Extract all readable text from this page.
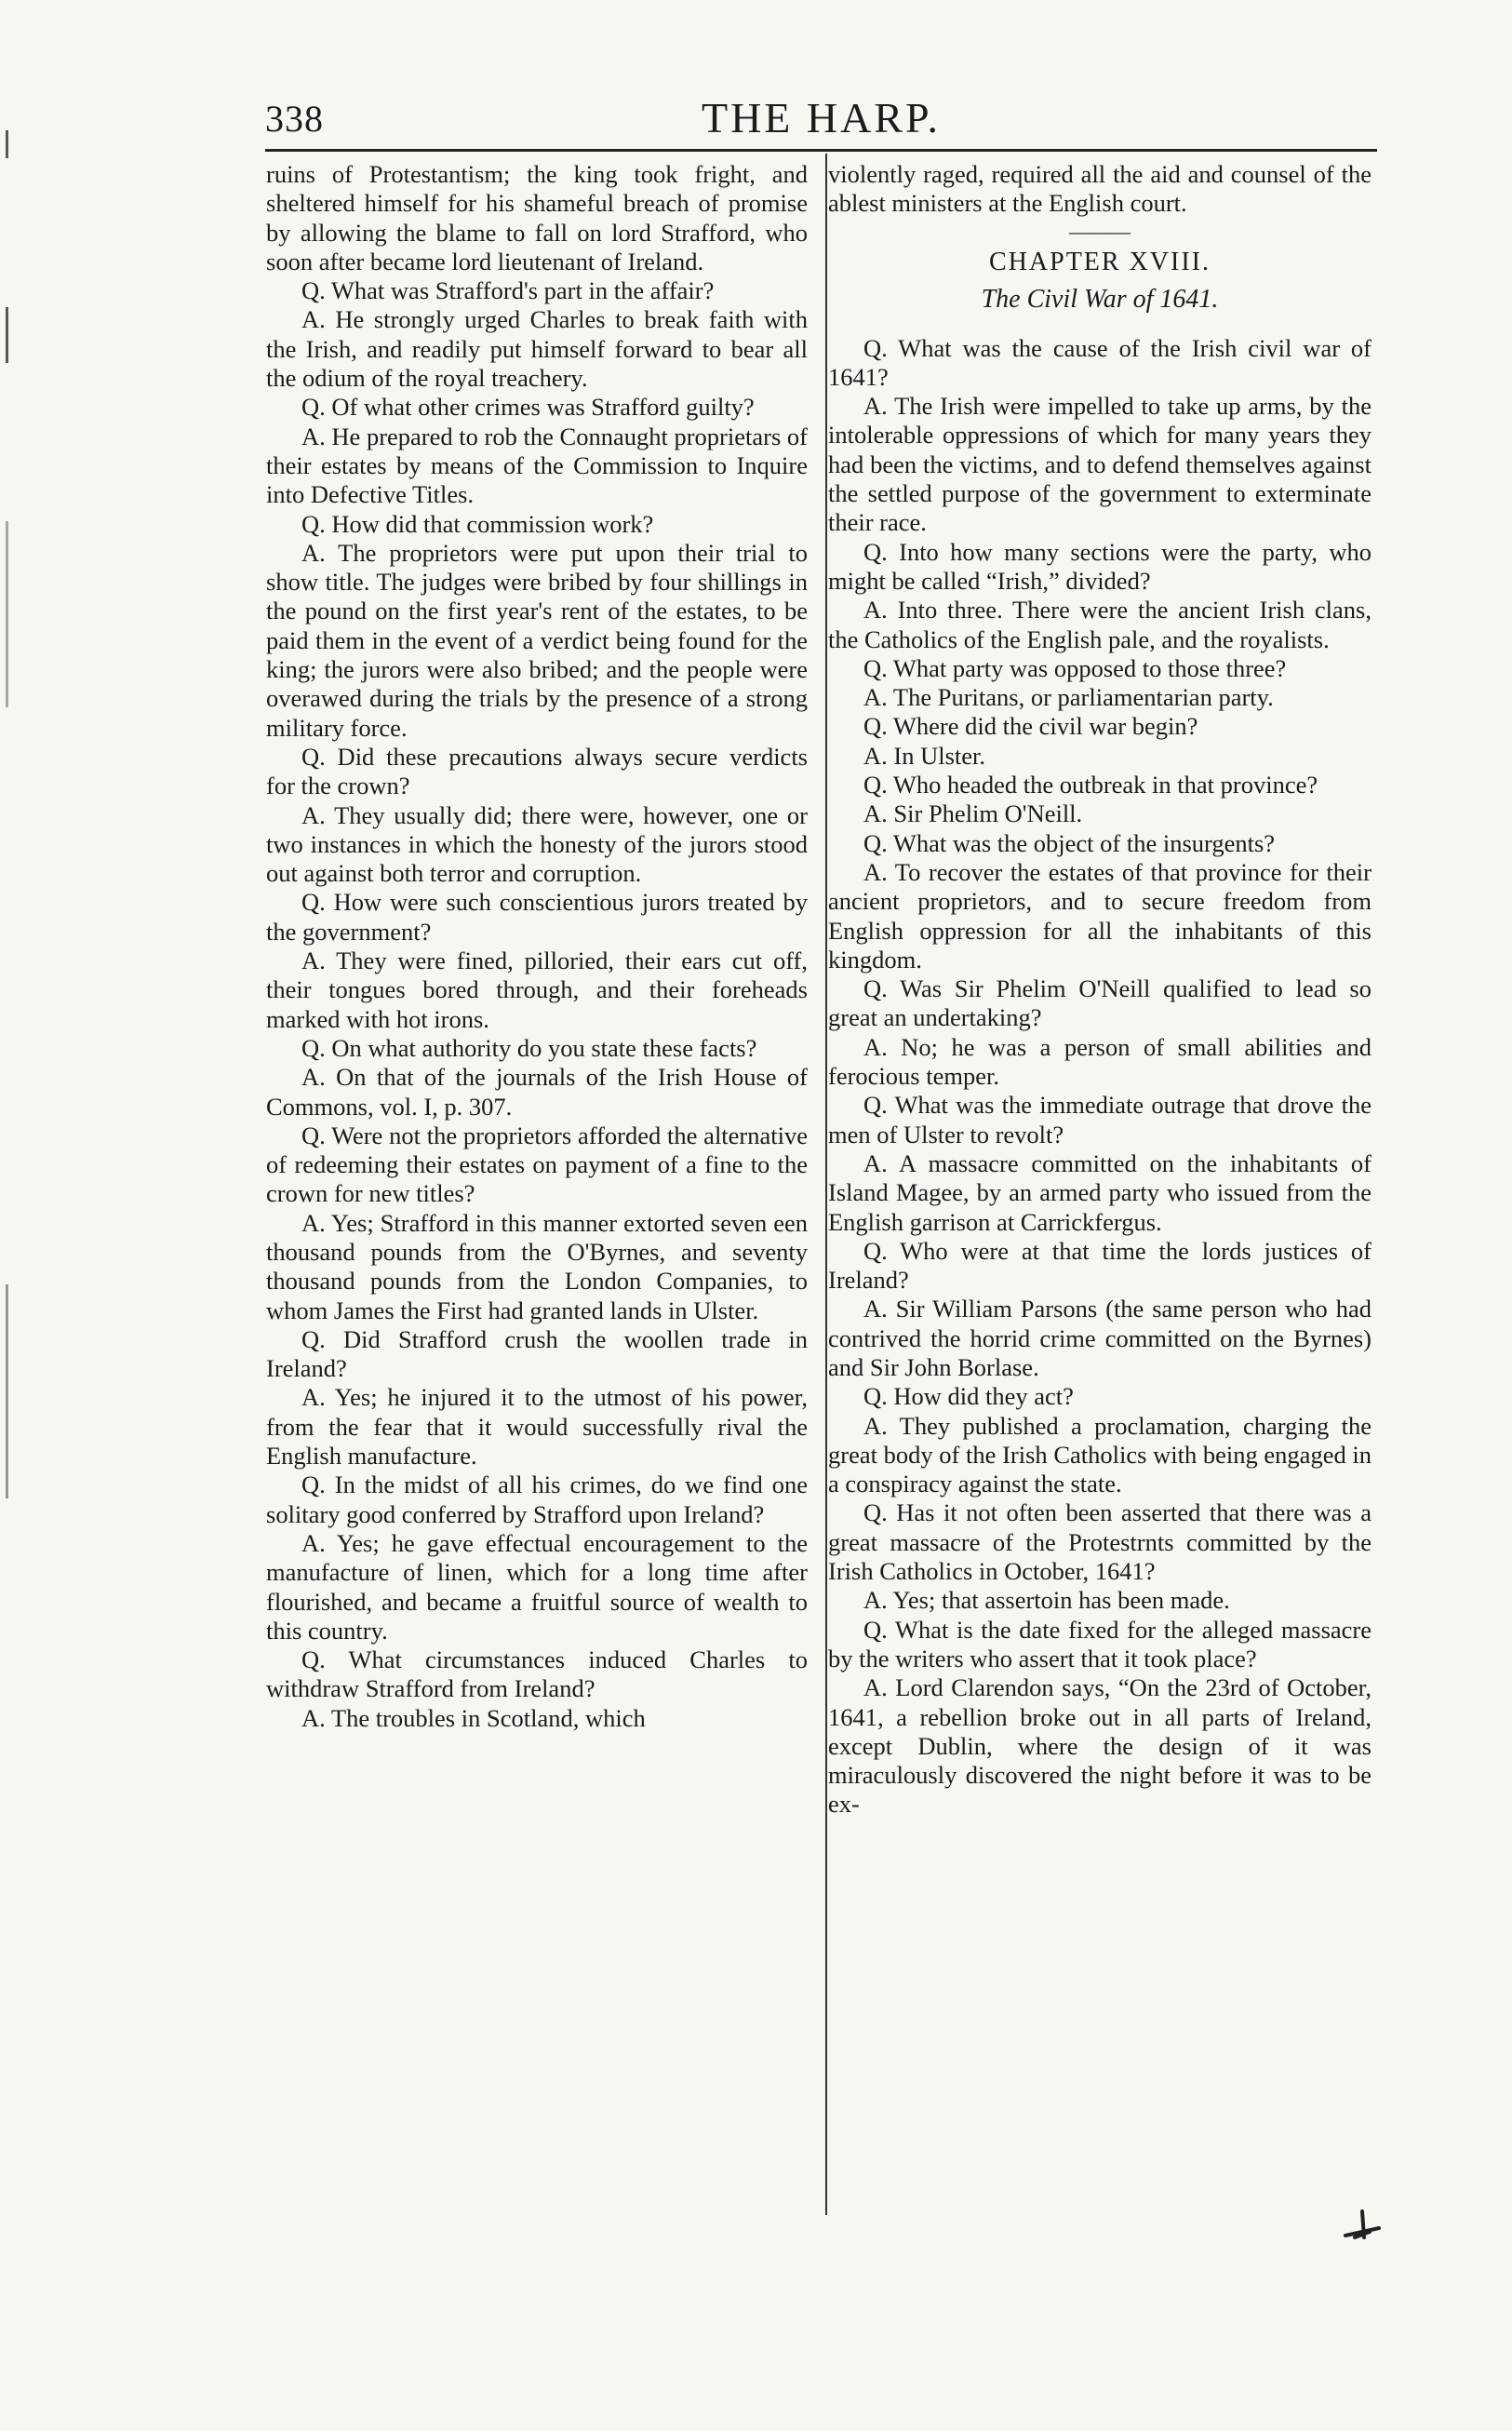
338	THE HARP.

ruins of Protestantism; the king took fright, and sheltered himself for his shameful breach of promise by allowing the blame to fall on lord Strafford, who soon after became lord lieutenant of Ireland.

Q. What was Strafford's part in the affair?

A. He strongly urged Charles to break faith with the Irish, and readily put himself forward to bear all the odium of the royal treachery.

Q. Of what other crimes was Strafford guilty?

A. He prepared to rob the Connaught proprietars of their estates by means of the Commission to Inquire into Defective Titles.

Q. How did that commission work?

A. The proprietors were put upon their trial to show title. The judges were bribed by four shillings in the pound on the first year's rent of the estates, to be paid them in the event of a verdict being found for the king; the jurors were also bribed; and the people were overawed during the trials by the presence of a strong military force.

Q. Did these precautions always secure verdicts for the crown?

A. They usually did; there were, however, one or two instances in which the honesty of the jurors stood out against both terror and corruption.

Q. How were such conscientious jurors treated by the government?

A. They were fined, pilloried, their ears cut off, their tongues bored through, and their foreheads marked with hot irons.

Q. On what authority do you state these facts?

A. On that of the journals of the Irish House of Commons, vol. I, p. 307.

Q. Were not the proprietors afforded the alternative of redeeming their estates on payment of a fine to the crown for new titles?

A. Yes; Strafford in this manner extorted seven een thousand pounds from the O'Byrnes, and seventy thousand pounds from the London Companies, to whom James the First had granted lands in Ulster.

Q. Did Strafford crush the woollen trade in Ireland?

A. Yes; he injured it to the utmost of his power, from the fear that it would successfully rival the English manufacture.

Q. In the midst of all his crimes, do we find one solitary good conferred by Strafford upon Ireland?

A. Yes; he gave effectual encouragement to the manufacture of linen, which for a long time after flourished, and became a fruitful source of wealth to this country.

Q. What circumstances induced Charles to withdraw Strafford from Ireland?

A. The troubles in Scotland, which

violently raged, required all the aid and counsel of the ablest ministers at the English court.

———
CHAPTER XVIII.
The Civil War of 1641.

Q. What was the cause of the Irish civil war of 1641?

A. The Irish were impelled to take up arms, by the intolerable oppressions of which for many years they had been the victims, and to defend themselves against the settled purpose of the government to exterminate their race.

Q. Into how many sections were the party, who might be called “Irish,” divided?

A. Into three. There were the ancient Irish clans, the Catholics of the English pale, and the royalists.

Q. What party was opposed to those three?

A. The Puritans, or parliamentarian party.

Q. Where did the civil war begin?

A. In Ulster.

Q. Who headed the outbreak in that province?

A. Sir Phelim O'Neill.

Q. What was the object of the insurgents?

A. To recover the estates of that province for their ancient proprietors, and to secure freedom from English oppression for all the inhabitants of this kingdom.

Q. Was Sir Phelim O'Neill qualified to lead so great an undertaking?

A. No; he was a person of small abilities and ferocious temper.

Q. What was the immediate outrage that drove the men of Ulster to revolt?

A. A massacre committed on the inhabitants of Island Magee, by an armed party who issued from the English garrison at Carrickfergus.

Q. Who were at that time the lords justices of Ireland?

A. Sir William Parsons (the same person who had contrived the horrid crime committed on the Byrnes) and Sir John Borlase.

Q. How did they act?

A. They published a proclamation, charging the great body of the Irish Catholics with being engaged in a conspiracy against the state.

Q. Has it not often been asserted that there was a great massacre of the Protestrnts committed by the Irish Catholics in October, 1641?

A. Yes; that assertoin has been made.

Q. What is the date fixed for the alleged massacre by the writers who assert that it took place?

A. Lord Clarendon says, “On the 23rd of October, 1641, a rebellion broke out in all parts of Ireland, except Dublin, where the design of it was miraculously discovered the night before it was to be ex-
